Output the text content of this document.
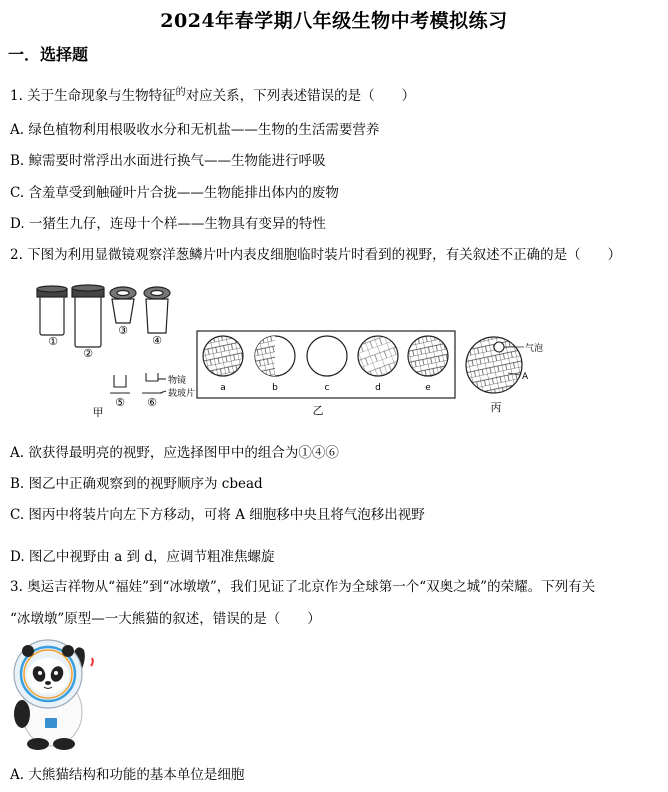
2024年春学期八年级生物中考模拟练习
一．选择题
1. 关于生命现象与生物特征$^的$对应关系，下列表述错误的是（　　）
A. 绿色植物利用根吸收水分和无机盐——生物的生活需要营养
B. 鲸需要时常浮出水面进行换气——生物能进行呼吸
C. 含羞草受到触碰叶片合拢——生物能排出体内的废物
D. 一猪生九仔，连母十个样——生物具有变异的特性
2. 下图为利用显微镜观察洋葱鳞片叶内表皮细胞临时装片时看到的视野，有关叙述不正确的是（　　）
①
②
③
④
物镜
载玻片
⑤ ⑥
甲
a	b	c	d	e
乙
气泡
A
丙
A. 欲获得最明亮的视野，应选择图甲中的组合为①④⑥
B. 图乙中正确观察到的视野顺序为 cbead
C. 图丙中将装片向左下方移动，可将 A 细胞移中央且将气泡移出视野
D. 图乙中视野由 a 到 d，应调节粗准焦螺旋
3. 奥运吉祥物从“福娃”到“冰墩墩”，我们见证了北京作为全球第一个“双奥之城”的荣耀。下列有关
“冰墩墩”原型—一大熊猫的叙述，错误的是（　　）
A. 大熊猫结构和功能的基本单位是细胞
